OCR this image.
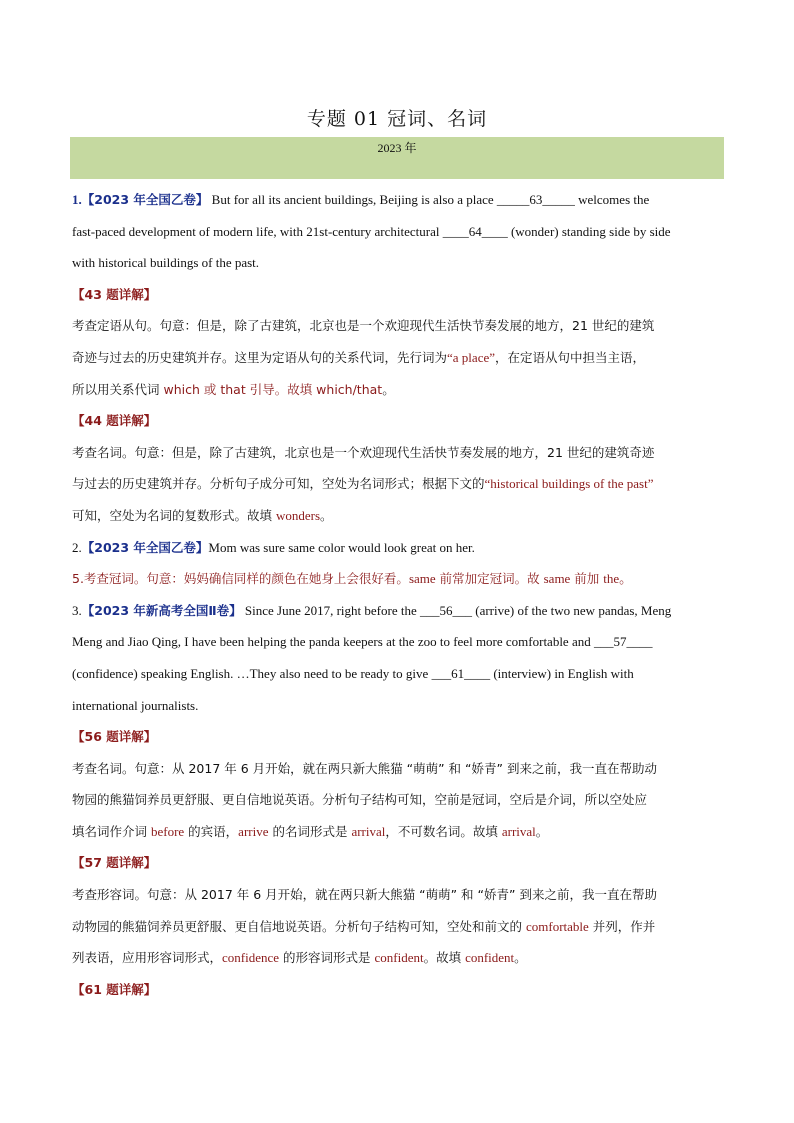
专题 01 冠词、名词
2023 年
1.【2023 年全国乙卷】 But for all its ancient buildings, Beijing is also a place _____63_____ welcomes the
fast-paced development of modern life, with 21st-century architectural ____64____ (wonder) standing side by side
with historical buildings of the past.
【43 题详解】
考查定语从句。句意：但是，除了古建筑，北京也是一个欢迎现代生活快节奏发展的地方，21 世纪的建筑
奇迹与过去的历史建筑并存。这里为定语从句的关系代词，先行词为“a place”，在定语从句中担当主语，
所以用关系代词 which 或 that 引导。故填 which/that。
【44 题详解】
考查名词。句意：但是，除了古建筑，北京也是一个欢迎现代生活快节奏发展的地方，21 世纪的建筑奇迹
与过去的历史建筑并存。分析句子成分可知，空处为名词形式；根据下文的“historical buildings of the past”
可知，空处为名词的复数形式。故填 wonders。
2.【2023 年全国乙卷】Mom was sure same color would look great on her.
5.考查冠词。句意：妈妈确信同样的颜色在她身上会很好看。same 前常加定冠词。故 same 前加 the。
3.【2023 年新高考全国Ⅱ卷】 Since June 2017, right before the ___56___ (arrive) of the two new pandas, Meng
Meng and Jiao Qing, I have been helping the panda keepers at the zoo to feel more comfortable and ___57____
(confidence) speaking English. …They also need to be ready to give ___61____ (interview) in English with
international journalists.
【56 题详解】
考查名词。句意：从 2017 年 6 月开始，就在两只新大熊猫 “萌萌” 和 “娇青” 到来之前，我一直在帮助动
物园的熊猫饲养员更舒服、更自信地说英语。分析句子结构可知，空前是冠词，空后是介词，所以空处应
填名词作介词 before 的宾语，arrive 的名词形式是 arrival，不可数名词。故填 arrival。
【57 题详解】
考查形容词。句意：从 2017 年 6 月开始，就在两只新大熊猫 “萌萌” 和 “娇青” 到来之前，我一直在帮助
动物园的熊猫饲养员更舒服、更自信地说英语。分析句子结构可知，空处和前文的 comfortable 并列，作并
列表语，应用形容词形式，confidence 的形容词形式是 confident。故填 confident。
【61 题详解】
